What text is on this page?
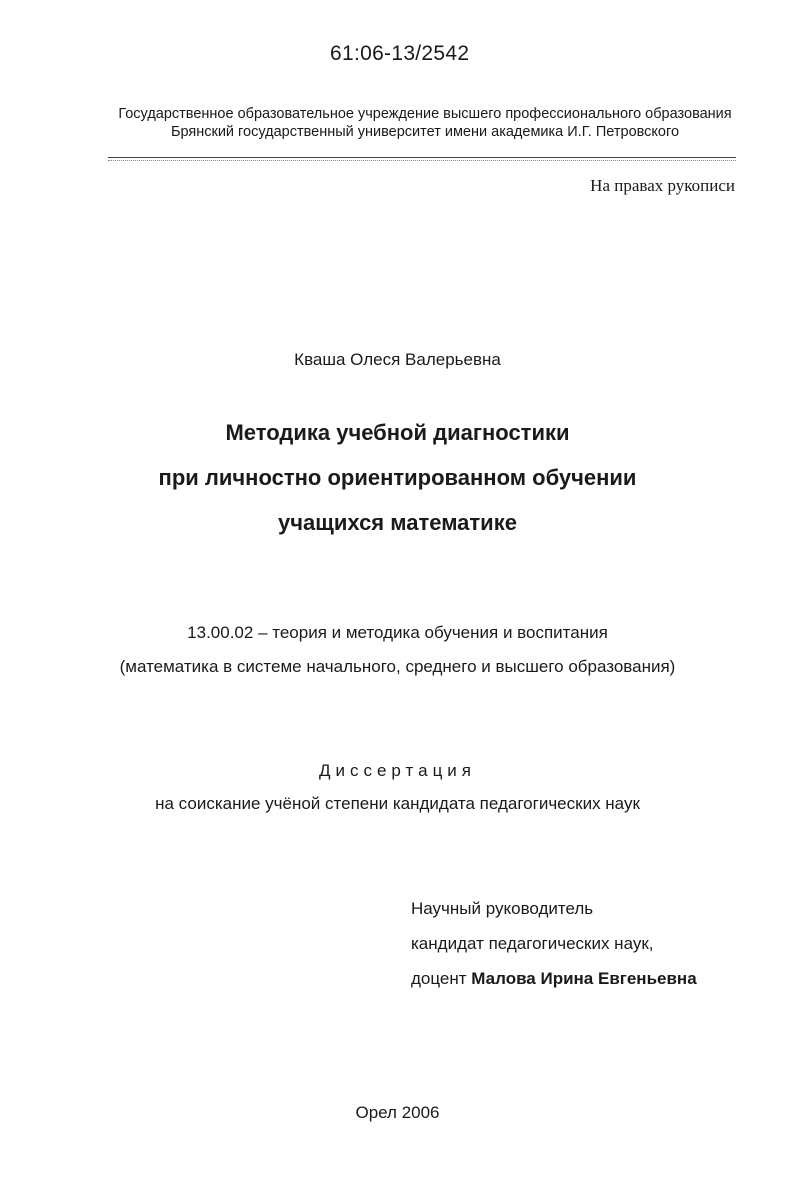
61:06-13/2542
Государственное образовательное учреждение высшего профессионального образования
Брянский государственный университет имени академика И.Г. Петровского
На правах рукописи
Кваша Олеся Валерьевна
Методика учебной диагностики
при личностно ориентированном обучении
учащихся математике
13.00.02 – теория и методика обучения и воспитания
(математика в системе начального, среднего и высшего образования)
Диссертация
на соискание учёной степени кандидата педагогических наук
Научный руководитель
кандидат педагогических наук,
доцент Малова Ирина Евгеньевна
Орел 2006
